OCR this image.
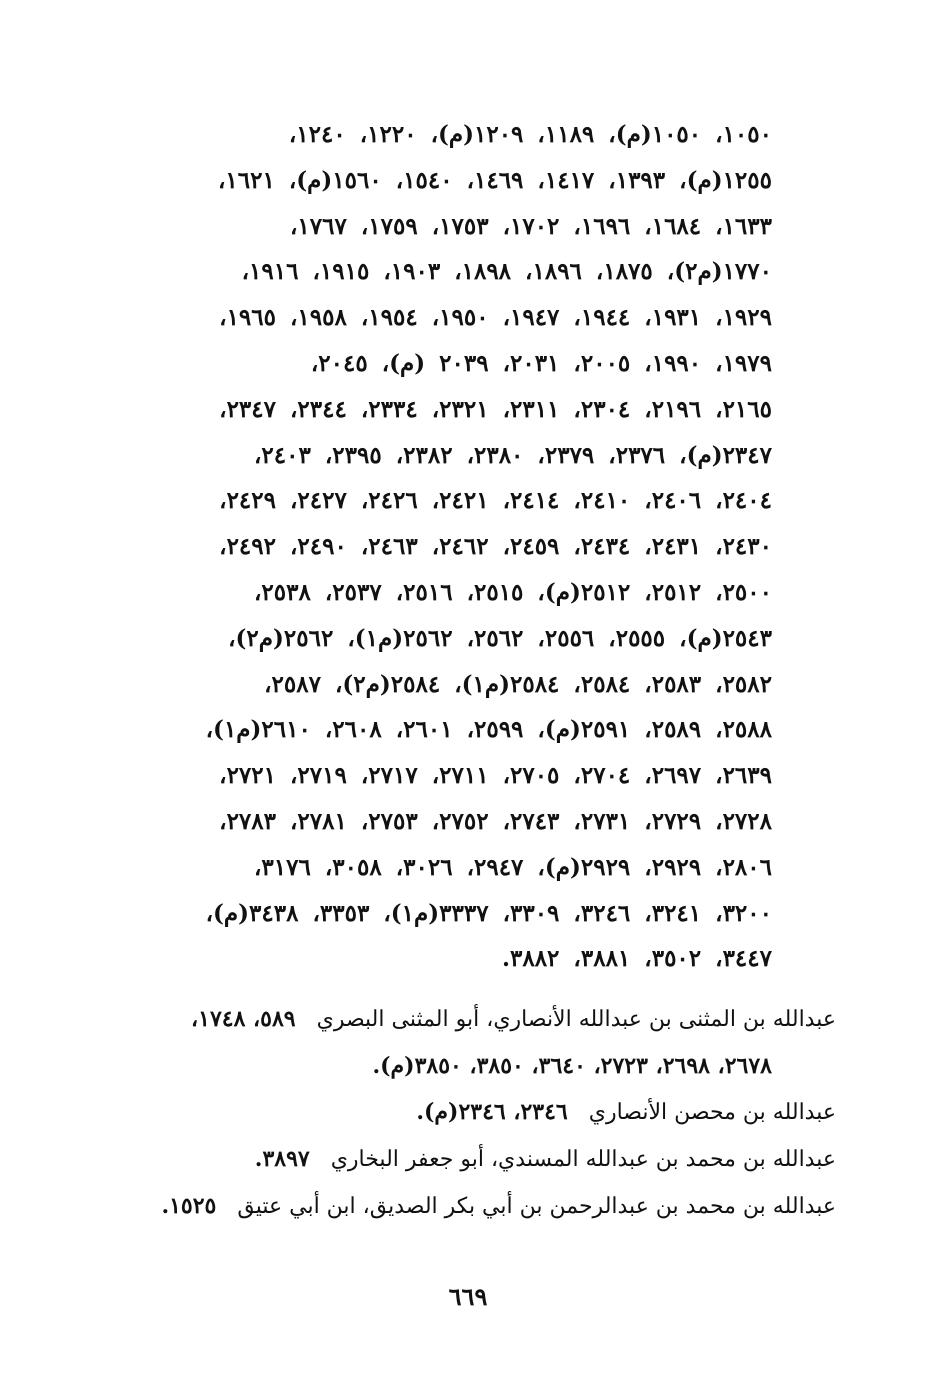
١٠٥٠، ١٠٥٠(م)، ١١٨٩، ١٢٠٩(م)، ١٢٢٠، ١٢٤٠،
١٢٥٥(م)، ١٣٩٣، ١٤١٧، ١٤٦٩، ١٥٤٠، ١٥٦٠(م)، ١٦٢١،
١٦٣٣، ١٦٨٤، ١٦٩٦، ١٧٠٢، ١٧٥٣، ١٧٥٩، ١٧٦٧،
١٧٧٠(م٢)، ١٨٧٥، ١٨٩٦، ١٨٩٨، ١٩٠٣، ١٩١٥، ١٩١٦،
١٩٢٩، ١٩٣١، ١٩٤٤، ١٩٤٧، ١٩٥٠، ١٩٥٤، ١٩٥٨، ١٩٦٥،
١٩٧٩، ١٩٩٠، ٢٠٠٥، ٢٠٣١، ٢٠٣٩ (م)، ٢٠٤٥،
٢١٦٥، ٢١٩٦، ٢٣٠٤، ٢٣١١، ٢٣٢١، ٢٣٣٤، ٢٣٤٤، ٢٣٤٧،
٢٣٤٧(م)، ٢٣٧٦، ٢٣٧٩، ٢٣٨٠، ٢٣٨٢، ٢٣٩٥، ٢٤٠٣،
٢٤٠٤، ٢٤٠٦، ٢٤١٠، ٢٤١٤، ٢٤٢١، ٢٤٢٦، ٢٤٢٧، ٢٤٢٩،
٢٤٣٠، ٢٤٣١، ٢٤٣٤، ٢٤٥٩، ٢٤٦٢، ٢٤٦٣، ٢٤٩٠، ٢٤٩٢،
٢٥٠٠، ٢٥١٢، ٢٥١٢(م)، ٢٥١٥، ٢٥١٦، ٢٥٣٧، ٢٥٣٨،
٢٥٤٣(م)، ٢٥٥٥، ٢٥٥٦، ٢٥٦٢، ٢٥٦٢(م١)، ٢٥٦٢(م٢)،
٢٥٨٢، ٢٥٨٣، ٢٥٨٤، ٢٥٨٤(م١)، ٢٥٨٤(م٢)، ٢٥٨٧،
٢٥٨٨، ٢٥٨٩، ٢٥٩١(م)، ٢٥٩٩، ٢٦٠١، ٢٦٠٨، ٢٦١٠(م١)،
٢٦٣٩، ٢٦٩٧، ٢٧٠٤، ٢٧٠٥، ٢٧١١، ٢٧١٧، ٢٧١٩، ٢٧٢١،
٢٧٢٨، ٢٧٢٩، ٢٧٣١، ٢٧٤٣، ٢٧٥٢، ٢٧٥٣، ٢٧٨١، ٢٧٨٣،
٢٨٠٦، ٢٩٢٩، ٢٩٢٩(م)، ٢٩٤٧، ٣٠٢٦، ٣٠٥٨، ٣١٧٦،
٣٢٠٠، ٣٢٤١، ٣٢٤٦، ٣٣٠٩، ٣٣٣٧(م١)، ٣٣٥٣، ٣٤٣٨(م)،
٣٤٤٧، ٣٥٠٢، ٣٨٨١، ٣٨٨٢.
عبدالله بن المثنى بن عبدالله الأنصاري، أبو المثنى البصري   ٥٨٩، ١٧٤٨،
٢٦٧٨، ٢٦٩٨، ٢٧٢٣، ٣٦٤٠، ٣٨٥٠، ٣٨٥٠(م).
عبدالله بن محصن الأنصاري   ٢٣٤٦، ٢٣٤٦(م).
عبدالله بن محمد بن عبدالله المسندي، أبو جعفر البخاري   ٣٨٩٧.
عبدالله بن محمد بن عبدالرحمن بن أبي بكر الصديق، ابن أبي عتيق   ١٥٢٥.
٦٦٩
